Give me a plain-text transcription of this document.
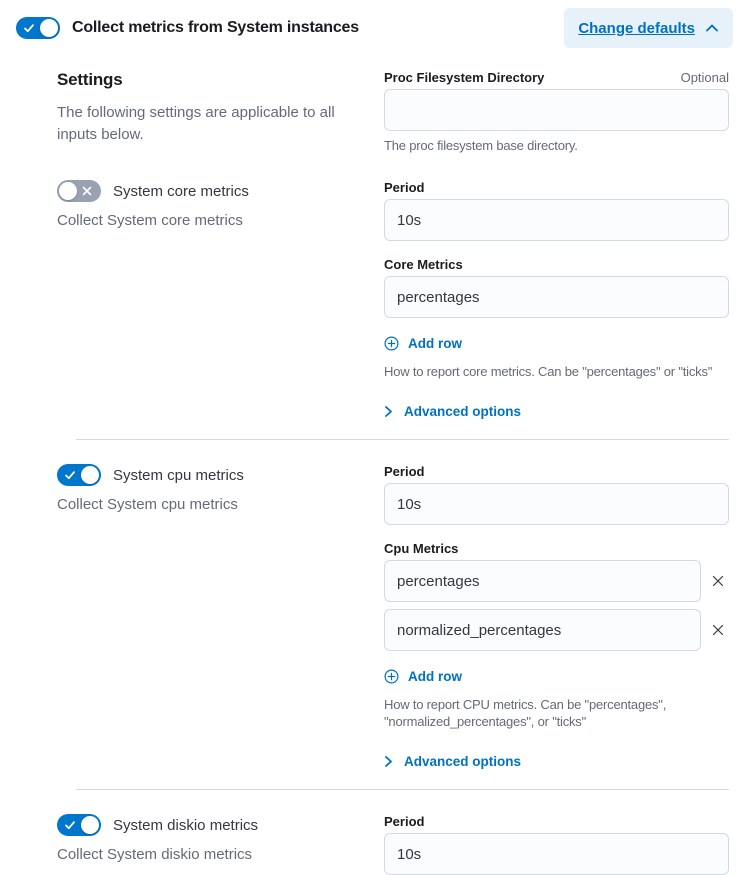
Collect metrics from System instances	Change defaults
Settings

The following settings are applicable to all inputs below.

Proc Filesystem Directory	Optional
The proc filesystem base directory.
System core metrics

Collect System core metrics

Period
10s
Core Metrics
percentages
Add row
How to report core metrics. Can be "percentages" or "ticks"
Advanced options
System cpu metrics

Collect System cpu metrics

Period
10s
Cpu Metrics
percentages
normalized_percentages
Add row
How to report CPU metrics. Can be "percentages", "normalized_percentages", or "ticks"
Advanced options
System diskio metrics

Collect System diskio metrics

Period
10s
